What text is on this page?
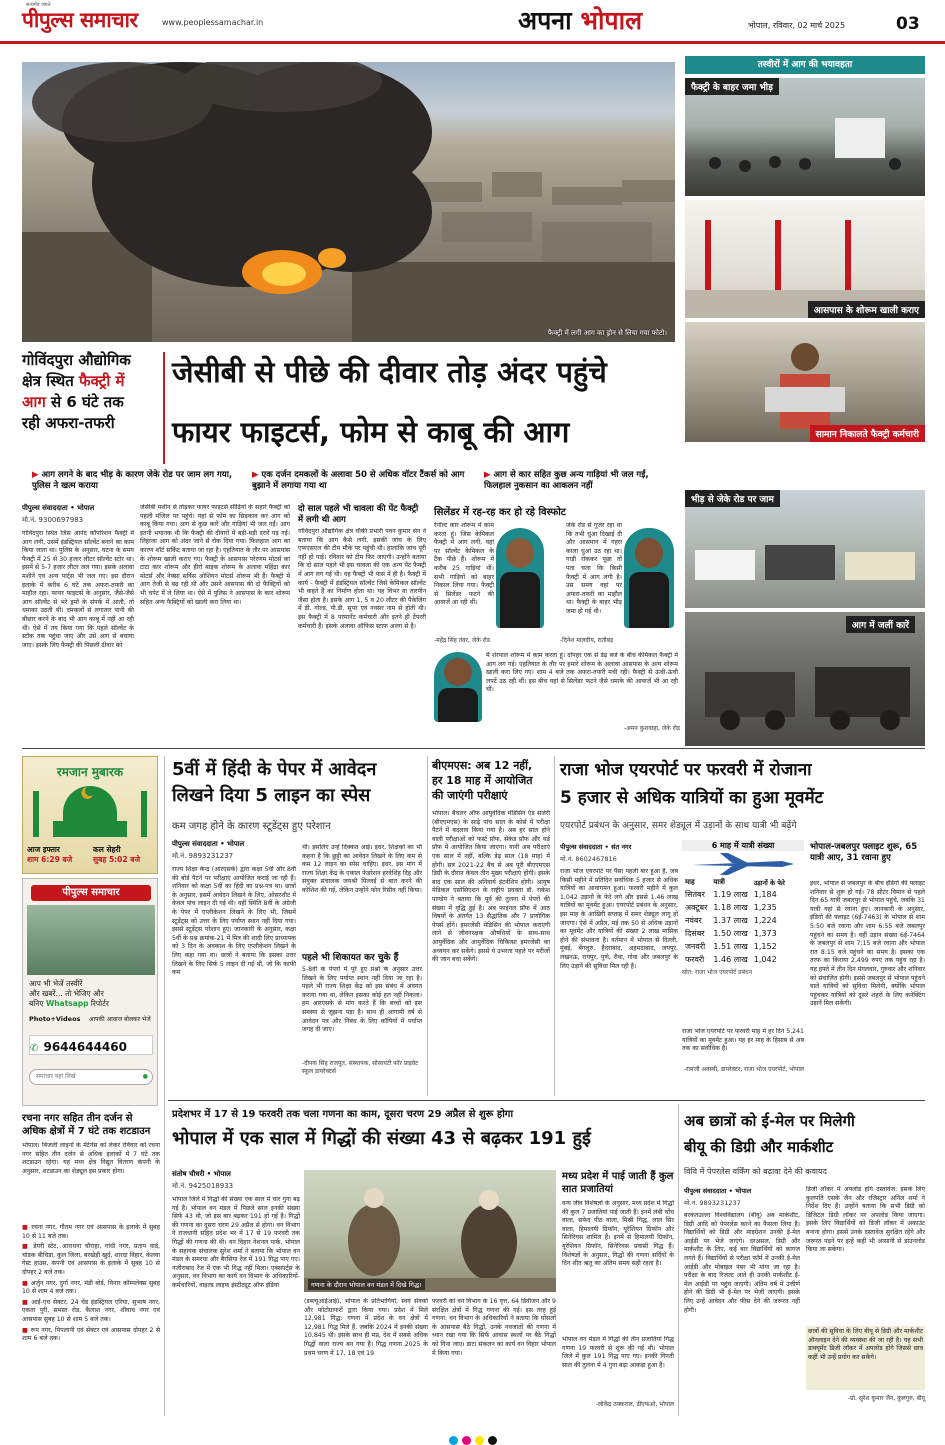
पीपुल्स समाचार
सत्यमेव जयते
www.peoplessamachar.in	अपना भोपाल	भोपाल, रविवार, 02 मार्च 2025	03
फैक्ट्री में लगी आग का ड्रोन से लिया गया फोटो।
तस्वीरों में आग की भयावहता
फैक्ट्री के बाहर जमा भीड़
आसपास के शोरूम खाली कराए
सामान निकालते फैक्ट्री कर्मचारी
भीड़ से जेके रोड पर जाम
आग में जलीं कारें
गोविंदपुरा औद्योगिक
क्षेत्र स्थित फैक्ट्री में
आग से 6 घंटे तक
रही अफरा-तफरी
जेसीबी से पीछे की दीवार तोड़ अंदर पहुंचे
फायर फाइटर्स, फोम से काबू की आग
▶ आग लगने के बाद भीड़ के कारण जेके रोड पर जाम लग गया, पुलिस ने खत्म कराया
▶ एक दर्जन दमकलों के अलावा 50 से अधिक वॉटर टैंकर्स को आग बुझाने में लगाया गया था
▶ आग से कार सहित कुछ अन्य गाड़ियां भी जल गईं, फिलहाल नुकसान का आकलन नहीं
पीपुल्स संवाददाता • भोपाल
मो.नं. 9300697983
गोविंदपुरा स्थित जिस आनंद कॉर्पोरेशन फैक्ट्री में आग लगी, उसमें इंडस्ट्रियल सॉल्वेंट बनाने का काम किया जाता था। पुलिस के अनुसार, घटना के समय फैक्ट्री में 25 से 30 हजार लीटर सॉल्वेंट स्टोर था। इसमें से 5-7 हजार लीटर जल गया। इसके अलावा मशीनें एवं अन्य पार्ट्स भी जल गए। इस दौरान इलाके में करीब 6 घंटे तक अफरा-तफरी का माहौल रहा। फायर फाइटर्स के अनुसार, जैसे-जैसे आग सॉल्वेंट से भरे ड्रमों के संपर्क में आती, तो धमाका उठती थी। दमकलों से लगातार पानी की बौछार करने के बाद भी आग काबू में नहीं आ रही थी। ऐसे में तय किया गया कि पहले सॉल्वेंट के स्टॉक तक पहुंचा जाए और उसे आग से बचाया जाए। इसके लिए फैक्ट्री की पिछली दीवार को
जेसीबी मशीन से तोड़कर फायर फाइटर्स सीढ़ियों के सहारे फैक्ट्री को पहली मंजिल पर पहुंचे। यहां से फोम का छिड़काव कर आग को काबू किया गया। आग से कुछ कारें और गाड़ियां भी जल गईं। आग इतनी भयानक थी कि फैक्ट्री की दीवारों में बड़ी-बड़ी दरारें पड़ गईं। लिहाजा आग को अंदर जाने से रोक दिया गया। फिलहाल आग का कारण शॉर्ट सर्किट बताया जा रहा है। एहतियात के तौर पर आसपास के शोरूम खाली कराए गए। फैक्ट्री के आसपास परेरणम मोटर्स का टाटा कार शोरूम और हीरो बाइक शोरूम के अलावा महिंद्रा कार मोटर्स और नेक्सा सर्विस ओशियन मोटर्स शोरूम भी हैं। फैक्ट्री में आग तेजी से बढ़ रही थी और उसने आसपास की दो फैक्ट्रियों को भी चपेट में ले लिया था। ऐसे में पुलिस ने आसपास के कार शोरूम सहित अन्य फैक्ट्रियों को खाली करा लिया था।
दो साल पहले भी चावला की पेंट फैक्ट्री में लगी थी आग
गोविंदपुरा औद्योगिक क्षेत्र चौकी प्रभारी पवन कुमार सेन ने बताया कि आग कैसे लगी, इसकी जांच के लिए एफएसएल की टीम मौके पर पहुंची थी। हालांकि जांच पूरी नहीं हो पाई। रविवार को टीम फिर जाएगी। उन्होंने बताया कि दो साल पहले भी इस चावला की एक अन्य पेंट फैक्ट्री में आग लग गई थी। वह फैक्ट्री भी पास में ही है। फैक्ट्री में कार्य - फैक्ट्री में इंडस्ट्रियल सॉल्वेंट जिसे केमिकल सॉल्वेंट भी कहते हैं का निर्माण होता था। यह विभर वा तारपीन जैसा होता है। इसके आग 1, 5 व 20 लीटर की पैकेजिंग में डी. गोल्ड, पी.डी. सुपर एवं नवसर नाम से होती थी। इस फैक्ट्री में 8 परमानेंट कर्मचारी और इतने ही टेंपररी कर्मचारी हैं। इसके अलावा ऑफिस स्टाफ अलग से है।
सिलेंडर में रह-रह कर हो रहे विस्फोट
रेनॉल्ट कार शोरूम में काम करता हूं। जिस केमिकल फैक्ट्री में आग लगी, वहां पर सॉल्वेंट केमिकल के टैंक पीछे हैं। शोरूम में करीब 25 गाड़ियां थीं। सभी गाड़ियों को बाहर निकाल लिया गया। फैक्ट्री से सिलेंडर फटने की आवाजें आ रही थीं।
-महेंद्र सिंह तंवर, जेके रोड
जेके रोड से गुजर रहा था कि तभी धुंआ दिखाई दी और आसमान में गहरा काला धुआं उठ रहा था। गाड़ी रोककर पूछा तो पता चला कि किसी फैक्ट्री में आग लगी है। उस समय वहां पर अफरा-तफरी का माहौल था। फैक्ट्री के बाहर भीड़ जमा हो गई थी।
-दिनेश मालवीय, रातीबड़
मैं शेरपाल शोरूम में काम करता हूं। दोपहर एक से डेढ़ बजे के बीच केमिकल फैक्ट्री में आग लग गई। एहतियात के तौर पर हमारे शोरूम के अलावा आसपास के अन्य शोरूम खाली करा लिए गए। शाम 4 बजे तक अफरा-तफरी मची रही। फैक्ट्री से ऊंची-ऊंची लपटें उठ रही थीं। इस बीच यहां से सिलेंडर फटने जैसे धमाके की आवाजें भी आ रही थीं।
-अमन कुशवाहा, जेके रोड
रमजान मुबारक
आज इफ्तार
शाम 6:29 बजे
कल सेहरी
सुबह 5:02 बजे
पीपुल्स समाचार
आप भी भेजें तस्वीरें
और खबरें... तो भेजिए और
बनिए Whatsapp रिपोर्टर
Photo+Videos आपकी आवाज बोलकर भेजें
✆ 9644644460
समाचार यहां लिखें	●
रचना नगर सहित तीन दर्जन से अधिक क्षेत्रों में 7 घंटे तक शटडाउन
भोपाल। बिजली लाइनों के मेंटेनेंस को लेकर रविवार को रचना नगर सहित तीन दर्जन से अधिक इलाकों में 7 घंटे तक शटडाउन रहेगा। यह मध्य क्षेत्र विद्युत वितरण कंपनी के अनुसार, शटडाउन का शेड्यूल इस प्रकार होगा।
■ रचना नगर, गौतम नगर एवं आसपास के इलाके में सुबह 10 से 11 बजे तक।
■ डेयरी स्टेट, आराधना चौराहा, गांधी नगर, प्रताप वार्ड, चांडक बीचिड़ा, कुल जिला, बरखेड़ी खुर्द, शारदा विहार, केलवा गेस्ट हाउस, कंपनी एवं आसपास के इलाके में सुबह 10 से दोपहर 2 बजे तक।
■ अर्जुन नगर, दुर्गा नगर, मंडी बोर्ड, विनार कॉम्पलेक्स सुबह 10 से शाम 4 बजे तक।
■ आई-एच सेक्टर, 24 घेंड इंडस्ट्रियल एरिया, सुभाष नगर, एकता पुरी, समस्त रोड, कैलाश नगर, शीवाच नगर एवं आसपास सुबह 10 से शाम 5 बजे तक।
■ रूप नगर, पिपलानी एवं सेक्टर एवं आसपास दोपहर 2 से शाम 6 बजे तक।
5वीं में हिंदी के पेपर में आवेदन
लिखने दिया 5 लाइन का स्पेस
कम जगह होने के कारण स्टूडेंट्स हुए परेशान
पीपुल्स संवाददाता • भोपाल
मो.नं. 9893231237
राज्य शिक्षा केन्द्र (आरएसके) द्वारा कक्षा 5वीं और 8वीं की बोर्ड पैटर्न पर परीक्षाएं आयोजित कराई जा रही हैं। शनिवार को कक्षा 5वीं का हिंदी का प्रश्न-पत्र था। छात्रों के अनुसार, इसमें आवेदन लिखने के लिए, ओसरशीट में केवल पांच लाइन दी गई थी। वहीं स्थिति 8वीं के अंग्रेजी के पेपर में एप्लीकेशन लिखने के लिए भी, जिसमें स्टूडेंट्स को उत्तर के लिए पर्याप्त स्थान नहीं दिया गया। इससे स्टूडेंट्स परेशान हुए। जानकारी के अनुसार, कक्षा 5वीं के प्रश्न क्रमांक-21 में मित्र की शादी लिए प्राध्यापक को 3 दिन के अवकाश के लिए एप्लीकेशन लिखने के लिए कहा गया था। छात्रों ने बताया कि इसका उत्तर लिखने के लिए सिर्फ 5 लाइन दी गई थी, जो कि काफी कम
थी। इसलिए उन्हें दिक्कत आई। इधर, शिक्षकों का भी कहना है कि छुट्टी का आवेदन लिखने के लिए कम से कम 12 लाइन का स्पेस चाहिए। इधर, इस मांग में राज्य शिक्षा केंद्र के एकाल फेडरेशन हरवेशिंह दिह और संयुक्त संचालक जयश्री पिल्लई से बात करने की कोशिश की गई, लेकिन उन्होंने फोन रिसीव नहीं किया।
पहले भी शिकायत कर चुके हैं
5-8वीं के पेपरों में पूरे हुए प्रश्नों के अनुसार उत्तर लिखने के लिए पर्याप्त स्थान नहीं दिया जा रहा है। पहले भी राज्य शिक्षा केंद्र को इस संबंध में अवगत कराया गया था, लेकिन इसका कोई हल नहीं निकला। हम आरएसके से मांग करते हैं कि बच्चों को इस समस्या से जूझना पड़ा है। साथ ही आगामी वर्ष से आवेदन पत्र और निबंध के लिए कॉपियों में पर्याप्त जगह दी जाए।
-दीपक सिंह राजपूत, संस्थापक, सोसायटी फॉर प्राइवेट स्कूल डायरेक्टर्स
बीएमएस: अब 12 नहीं,
हर 18 माह में आयोजित
की जाएंगी परीक्षाएं
भोपाल। बैचलर ऑफ आयुर्वेदिक मेडिसिन एंड सर्जरी (बीएएमएस) के साढ़े पांच साल के कोर्स में परीक्षा पैटर्न में बदलाव किया गया है। अब हर साल होने वाली परीक्षाओं को फर्स्ट प्रॉफ, सेकंड प्रॉफ और थर्ड प्रॉफ में आयोजित किया जाएगा। यानी अब परीक्षाएं एक साल में नहीं, बल्कि डेढ़ साल (18 माह) में होंगी। सत्र 2021-22 बैच से अब पूरी बीएएमएस डिग्री के दौरान केवल तीन मुख्य परीक्षाएं होंगी। इसके बाद एक साल की अनिवार्य इंटर्नशिप होगी। आयुष मेडिकल एसोसिएशन के राष्ट्रीय प्रवक्ता डॉ. राकेश पाण्डेय ने बताया कि पूर्व की तुलना में पेपरों की संख्या में वृद्धि हुई है। अब फाइनल प्रॉफ में आठ विषयों के अंतर्गत 13 सैद्धांतिक और 7 प्रायोगिक पेपर्स होंगे। इमरजेंसी मेडिसिन की भोपाल कराएगी लाने से जीवनरक्षक औषधियों के साथ-साथ आयुर्वेदिक और आयुर्वेदिक चिकित्सा इमरजेंसी का अध्ययन कर सकेंगे। इससे ये उभरता पहले पर मरीजों की जान बचा सकेंगे।
राजा भोज एयरपोर्ट पर फरवरी में रोजाना
5 हजार से अधिक यात्रियों का हुआ मूवमेंट
एयरपोर्ट प्रबंधन के अनुसार, समर शेड्यूल में उड़ानों के साथ यात्री भी बढ़ेंगे
पीपुल्स संवाददाता • संत नगर
मो.नं. 8602467816
राजा भोज एयरपोर्ट पर पैसा पहली बार हुआ है, जब किसी महीने में प्रतिदिन सर्वाधिक 5 हजार से अधिक यात्रियों का आवागमन हुआ। फरवरी महीने में कुल 1,042 उड़ानों के फेरे लगे और इससे 1.46 लाख यात्रियों का मूवमेंट हुआ। एयरपोर्ट प्रबंधन के अनुसार, इस माह के आखिरी सप्ताह में समर शेड्यूल लागू हो जाएगा। ऐसे में अप्रैल, मई तक 50 से अधिक उड़ानों का मूवमेंट और यात्रियों की संख्या 2 लाख मासिक होने की संभावना है। वर्तमान में भोपाल से दिल्ली, मुंबई, बेंगलुरु, हैदराबाद, अहमदाबाद, जयपुर, लखनऊ, रायपुर, पुणे, रीवा, गोवा और जबलपुर के लिए उड़ानें की सुविधा मिल रही है।
6 माह में यात्री संख्या
माह	यात्री	उड़ानों के फेरे
सितंबर	1.19 लाख	1,184
अक्टूबर	1.18 लाख	1,235
नवंबर	1.37 लाख	1,224
दिसंबर	1.50 लाख	1,373
जनवरी	1.51 लाख	1,152
फरवरी	1.46 लाख	1,042
स्रोत: राजा भोज एयरपोर्ट प्रबंधन
राजा भोज एयरपोर्ट पर फरवरी माह में हर दिन 5,241 यात्रियों का मूवमेंट हुआ। यह हर माह के हिसाब से अब तक का सर्वाधिक है।
-रामजी अवस्थी, डायरेक्टर, राजा भोज एयरपोर्ट, भोपाल
भोपाल-जबलपुर फ्लाइट शुरू, 65 यात्री आए, 31 रवाना हुए
इधर, भोपाल से जबलपुर के बीच इंडिगो की फ्लाइट शनिवार से शुरू हो गई। 78 सीटर विमान से पहले दिन 65 यात्री जबलपुर से भोपाल पहुंचे, जबकि 31 यात्री यहां से रवाना हुए। जानकारी के अनुसार, इंडिगो की फ्लाइट (6ई-7463) के भोपाल से शाम 5:50 बजे रवाना और शाम 6:55 बजे जबलपुर पहुंचने का समय है। वहीं उड़ान संख्या 6ई-7464 के जबलपुर से शाम 7:15 बजे रवाना और भोपाल रात 8:15 बजे पहुंचने का समय है। इसका एक तरफ का किराया 2,499 रुपए तक पहुंच रहा है। यह हफ्ते में तीन दिन मंगलवार, गुरुवार और शनिवार को संचालित होगी। इससे जबलपुर से भोपाल पहुंचने वाले यात्रियों को सुविधा मिलेगी, क्योंकि भोपाल पहुंचकर यात्रियों को दूसरे शहरों के लिए कनेक्टिंग उड़ानें मिल सकेंगी।
प्रदेशभर में 17 से 19 फरवरी तक चला गणना का काम, दूसरा चरण 29 अप्रैल से शुरू होगा
भोपाल में एक साल में गिद्धों की संख्या 43 से बढ़कर 191 हुई
संतोष चौधरी • भोपाल
मो.नं. 9425018933
भोपाल जिले में गिद्धों की संख्या एक साल में चार गुना बढ़ गई है। भोपाल वन मंडल में पिछले साल इनकी संख्या सिर्फ 43 थी, जो इस बार बढ़कर 191 हो गई है। गिद्धों की गणना का दूसरा चरण 29 अप्रैल से होगा। वन विभाग ने राजधानी सहित प्रदेश भर में 17 से 19 फरवरी तक गिद्धों की गणना की थी। वन विहार नेशनल पार्क, भोपाल के सहायक संचालक सुरेश शर्मा ने बताया कि भोपाल वन मंडल के समरधा और बैरसिया रेंज में 191 गिद्ध पाए गए। नजीराबाद रेंज में एक भी गिद्ध नहीं मिला। एक्सपर्ट्स के अनुसार, वन विभाग का कार्य वन विभाग के अधिकारियों-कर्मचारियों, वाइल्ड लाइफ इंस्टीट्यूट ऑफ इंडिया	गणना के दौरान भोपाल वन मंडल में दिखे गिद्ध।
(डब्ल्यूआईआई), भोपाल के प्रतिभागियों, स्वयं सेवकों और फोटोग्राफरों द्वारा किया गया। प्रदेश में मिले 12,981 गिद्ध: गणना में प्रदेश के वन क्षेत्रों में 12,981 गिद्ध मिले हैं, जबकि 2024 में इनकी संख्या 10,845 थी। इसके साथ ही मप्र, देश में सबसे अधिक गिद्धों वाला राज्य बन गया है। गिद्ध गणना 2025 के प्रथम चरण में 17, 18 एवं 19
फरवरी को वन विभाग के 16 वृत्त, 64 डिवीजन और 9 संरक्षित क्षेत्रों में गिद्ध गणना की गई। इस तरह हुई गणना: वन विभाग के अधिकारियों ने बताया कि घोंसलों के आसपास बैठे गिद्धों, उनके नवजातों की गणना में ध्यान रखा गया कि सिर्फ आवास स्थलों पर बैठे गिद्धों को गिना जाए। डाटा संकलन का कार्य वन विहार भोपाल में किया गया।
मध्य प्रदेश में पाई जाती हैं कुल सात प्रजातियां
वन्य जीव विशेषज्ञों के अनुसार, मध्य प्रदेश में गिद्धों की कुल 7 प्रजातियां पाई जाती हैं। इनमें लंबी चोंच वाला, सफेद पीठ वाला, मिस्री गिद्ध, लाल सिर वाला, हिमालयी ग्रिफॉन, यूरेशियन ग्रिफॉन और सिनेरियस शामिल हैं। इनमें से हिमालयी ग्रिफॉन, यूरेशियन ग्रिफॉन, सिनेरियस प्रवासी गिद्ध हैं। विशेषज्ञों के अनुसार, गिद्धों की गणना सर्दियों के दिन शीत ऋतु का अंतिम समय सही रहता है।
भोपाल वन मंडल में गिद्धों की तीन प्रजातियां गिद्ध गणना 19 फरवरी से शुरू की गई थी। भोपाल जिले में कुल 191 गिद्ध पाए गए। इनकी गिनती साल की तुलना में 4 गुना बढ़ा आकड़ा हुआ है।
-लोकेंद्र ठक्कराल, डीएफओ, भोपाल
अब छात्रों को ई-मेल पर मिलेगी
बीयू की डिग्री और मार्कशीट
विवि में पेपरलेस वर्किंग को बढ़ावा देने की कवायद
पीपुल्स संवाददाता • भोपाल
मो.नं. 9893231237
बरकतउल्ला विश्वविद्यालय (बीयू) अब मार्कशीट, डिग्री आदि को पेपरलेस करने का फैसला लिया है। विद्यार्थियों को डिग्री और माइग्रेशन उनकी ई-मेल आईडी पर भेजे जाएंगे। दरअसल, डिग्री और मार्कशीट के लिए, कई बार विद्यार्थियों को कागज लगते हैं। विद्यार्थियों से परीक्षा फॉर्म में उनकी ई-मेल आईडी और मोबाइल नंबर भी मांगा जा रहा है। परीक्षा के बाद रिजल्ट आते ही उनकी मार्कशीट ई-मेल आईडी पर पहुंच जाएगी। अंतिम वर्ष में उत्तीर्ण होने की डिग्री भी ई-मेल पर भेजी जाएगी। इसके लिए उन्हें आवेदन और फीस देने की जरूरत नहीं होगी।
डिजी लॉकर में अपलोड होंगे दस्तावेज: इसके लिए कुलपति एसके जैन और रजिस्ट्रार अनिल शर्मा ने निर्देश दिए हैं। उन्होंने बताया कि सभी डिग्री को डिजिटल डिग्री लॉकर पर अपलोड किया जाएगा। इसके लिए विद्यार्थियों को डिजी लॉकर में अकाउंट बनाना होगा। इससे उनके दस्तावेज सुरक्षित रहेंगे और जरूरत पड़ने पर इन्हें कहीं भी आसानी से डाउनलोड किया जा सकेगा।
छात्रों की सुविधा के लिए बीयू से डिग्री और मार्कशीट ऑनलाइन देने की व्यवस्था की जा रही है। यह सभी डाक्यूमेंट डिजी लॉकर में अपलोड होंगे जिससे छात्र कहीं भी उन्हें प्रयोग कर सकेंगे।
-प्रो. सुरेश कुमार जैन, कुलगुरु, बीयू
